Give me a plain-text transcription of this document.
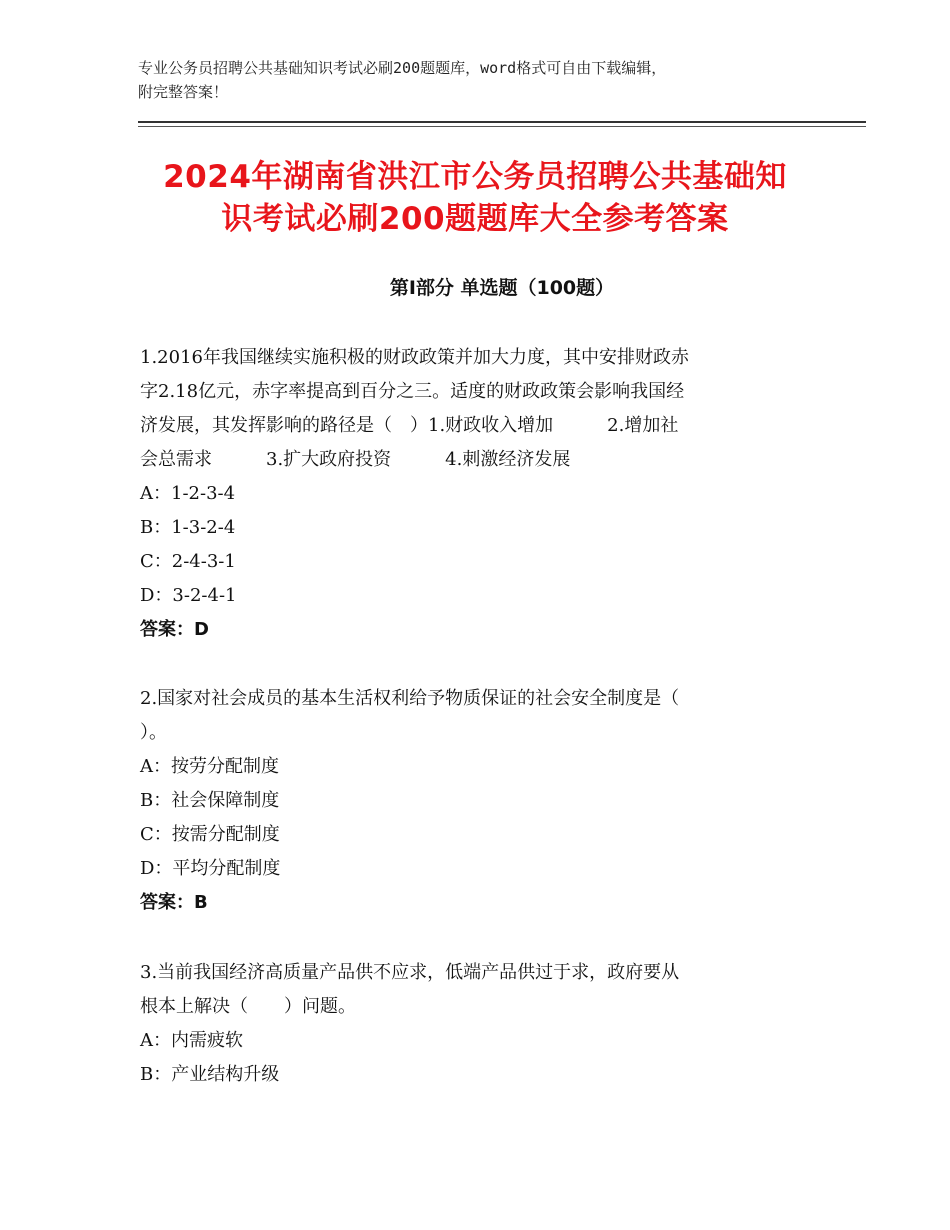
专业公务员招聘公共基础知识考试必刷200题题库，word格式可自由下载编辑，
附完整答案！
2024年湖南省洪江市公务员招聘公共基础知
识考试必刷200题题库大全参考答案
第Ⅰ部分 单选题（100题）

1.2016年我国继续实施积极的财政政策并加大力度，其中安排财政赤

字2.18亿元，赤字率提高到百分之三。适度的财政政策会影响我国经

济发展，其发挥影响的路径是（　）1.财政收入增加　　　2.增加社

会总需求　　　3.扩大政府投资　　　4.刺激经济发展

A：1-2-3-4

B：1-3-2-4

C：2-4-3-1

D：3-2-4-1

答案：D

2.国家对社会成员的基本生活权利给予物质保证的社会安全制度是（

）。

A：按劳分配制度

B：社会保障制度

C：按需分配制度

D：平均分配制度

答案：B

3.当前我国经济高质量产品供不应求，低端产品供过于求，政府要从

根本上解决（　　）问题。

A：内需疲软

B：产业结构升级
